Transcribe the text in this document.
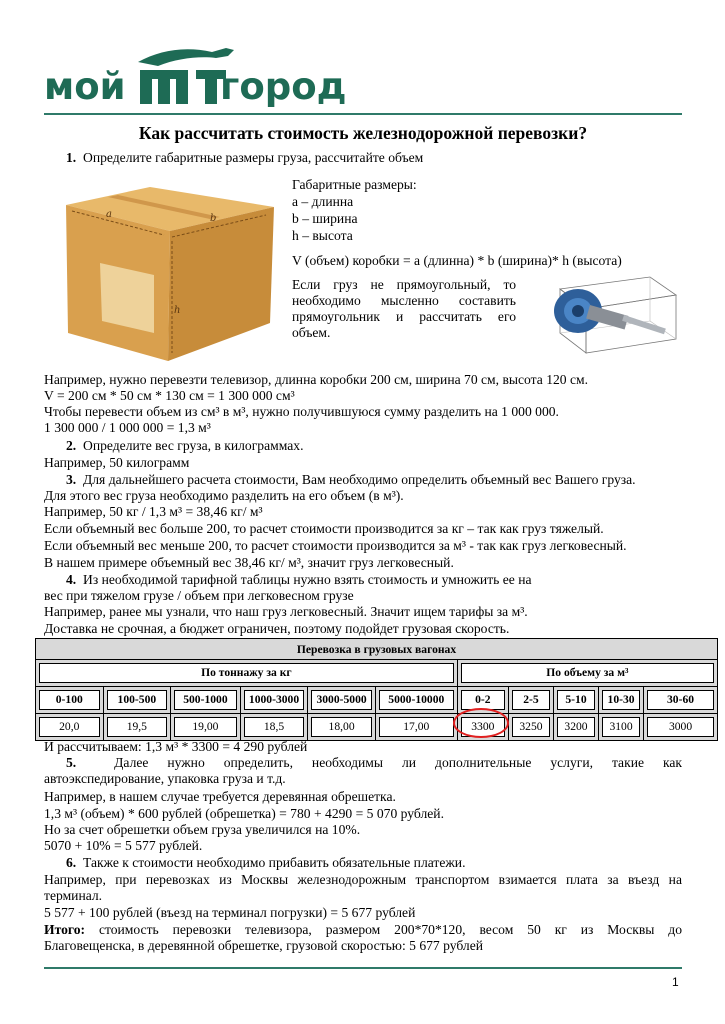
мой	город
Как рассчитать стоимость железнодорожной перевозки?
1. Определите габаритные размеры груза, рассчитайте объем
a	b
h
Габаритные размеры:
a – длинна
b – ширина
h – высота
V (объем) коробки = a (длинна) * b (ширина)* h (высота)
Если груз не прямоугольный, то
необходимо мысленно составить
прямоугольник и рассчитать его
объем.
Например, нужно перевезти телевизор, длинна коробки 200 см, ширина 70 см, высота 120 см.
V = 200 см * 50 см * 130 см = 1 300 000 см³
Чтобы перевести объем из см³ в м³, нужно получившуюся сумму разделить на 1 000 000.
1 300 000 / 1 000 000 = 1,3 м³
2. Определите вес груза, в килограммах.
Например, 50 килограмм
3. Для дальнейшего расчета стоимости, Вам необходимо определить объемный вес Вашего груза.
Для этого вес груза необходимо разделить на его объем (в м³).
Например, 50 кг / 1,3 м³ = 38,46 кг/ м³
Если объемный вес больше 200, то расчет стоимости производится за кг – так как груз тяжелый.
Если объемный вес меньше 200, то расчет стоимости производится за м³ - так как груз легковесный.
В нашем примере объемный вес 38,46 кг/ м³, значит груз легковесный.
4. Из необходимой тарифной таблицы нужно взять стоимость и умножить ее на
вес при тяжелом грузе / объем при легковесном грузе
Например, ранее мы узнали, что наш груз легковесный. Значит ищем тарифы за м³.
Доставка не срочная, а бюджет ограничен, поэтому подойдет грузовая скорость.
Перевозка в грузовых вагонах										

По тоннажу за кг						По объему за м³				

0-100	100-500	500-1000	1000-3000	3000-5000	5000-10000	0-2	2-5	5-10	10-30	30-60

20,0	19,5	19,00	18,5	18,00	17,00	3300	3250	3200	3100	3000
И рассчитываем: 1,3 м³ * 3300 = 4 290 рублей
5.	Далее нужно определить, необходимы ли дополнительные услуги, такие как
автоэкспедирование, упаковка груза и т.д.
Например, в нашем случае требуется деревянная обрешетка.
1,3 м³ (объем) * 600 рублей (обрешетка) = 780 + 4290 = 5 070 рублей.
Но за счет обрешетки объем груза увеличился на 10%.
5070 + 10% = 5 577 рублей.
6. Также к стоимости необходимо прибавить обязательные платежи.
Например, при перевозках из Москвы железнодорожным транспортом взимается плата за въезд на
терминал.
5 577 + 100 рублей (въезд на терминал погрузки) = 5 677 рублей
Итого: стоимость перевозки телевизора, размером 200*70*120, весом 50 кг из Москвы до
Благовещенска, в деревянной обрешетке, грузовой скоростью: 5 677 рублей
1
